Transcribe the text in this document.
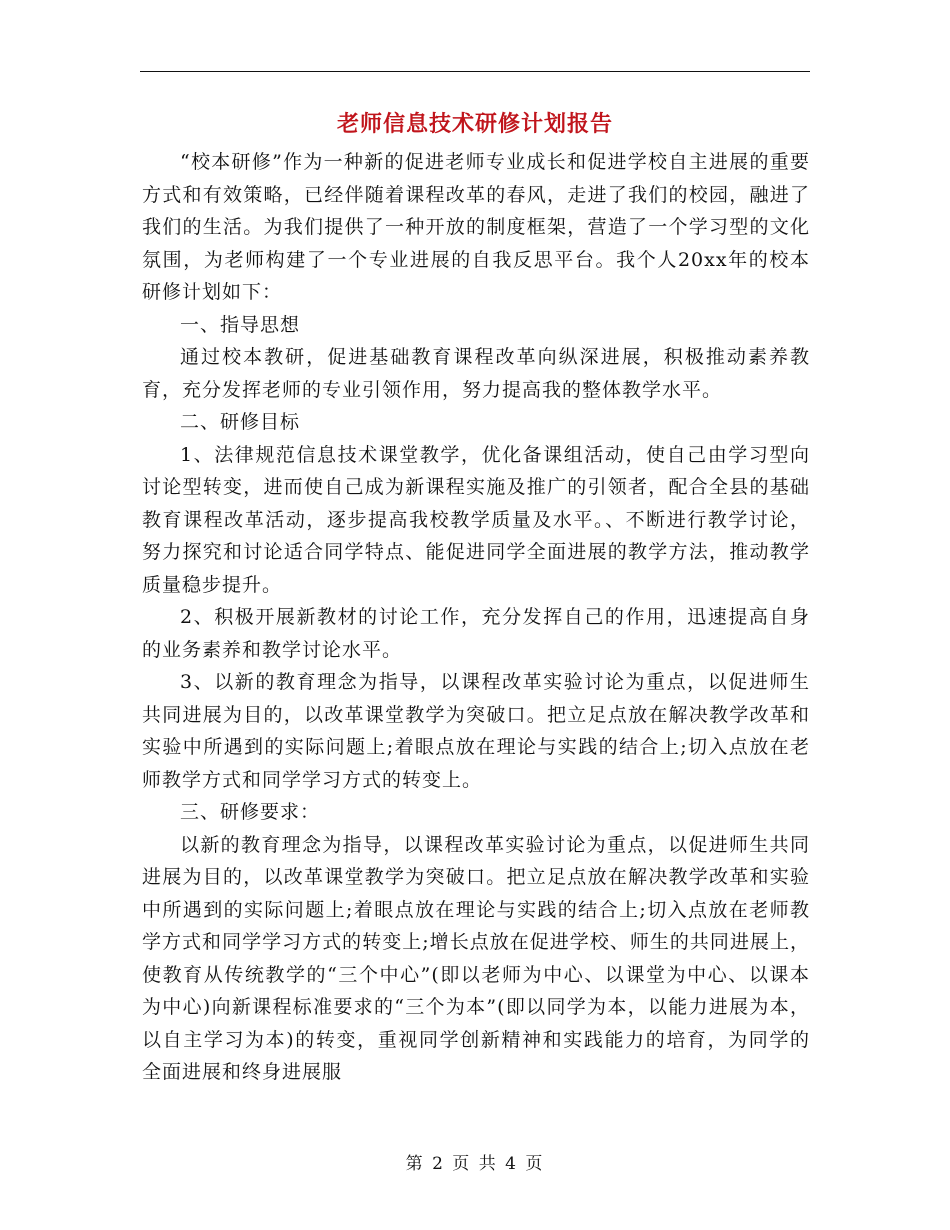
老师信息技术研修计划报告

“校本研修”作为一种新的促进老师专业成长和促进学校自主进展的重要方式和有效策略，已经伴随着课程改革的春风，走进了我们的校园，融进了我们的生活。为我们提供了一种开放的制度框架，营造了一个学习型的文化氛围，为老师构建了一个专业进展的自我反思平台。我个人20xx年的校本研修计划如下：

一、指导思想

通过校本教研，促进基础教育课程改革向纵深进展，积极推动素养教育，充分发挥老师的专业引领作用，努力提高我的整体教学水平。

二、研修目标

1、法律规范信息技术课堂教学，优化备课组活动，使自己由学习型向讨论型转变，进而使自己成为新课程实施及推广的引领者，配合全县的基础教育课程改革活动，逐步提高我校教学质量及水平。、不断进行教学讨论，努力探究和讨论适合同学特点、能促进同学全面进展的教学方法，推动教学质量稳步提升。

2、积极开展新教材的讨论工作，充分发挥自己的作用，迅速提高自身的业务素养和教学讨论水平。

3、以新的教育理念为指导，以课程改革实验讨论为重点，以促进师生共同进展为目的，以改革课堂教学为突破口。把立足点放在解决教学改革和实验中所遇到的实际问题上;着眼点放在理论与实践的结合上;切入点放在老师教学方式和同学学习方式的转变上。

三、研修要求：

以新的教育理念为指导，以课程改革实验讨论为重点，以促进师生共同进展为目的，以改革课堂教学为突破口。把立足点放在解决教学改革和实验中所遇到的实际问题上;着眼点放在理论与实践的结合上;切入点放在老师教学方式和同学学习方式的转变上;增长点放在促进学校、师生的共同进展上，使教育从传统教学的“三个中心”(即以老师为中心、以课堂为中心、以课本为中心)向新课程标准要求的“三个为本”(即以同学为本，以能力进展为本，以自主学习为本)的转变，重视同学创新精神和实践能力的培育，为同学的全面进展和终身进展服

第 2 页 共 4 页
